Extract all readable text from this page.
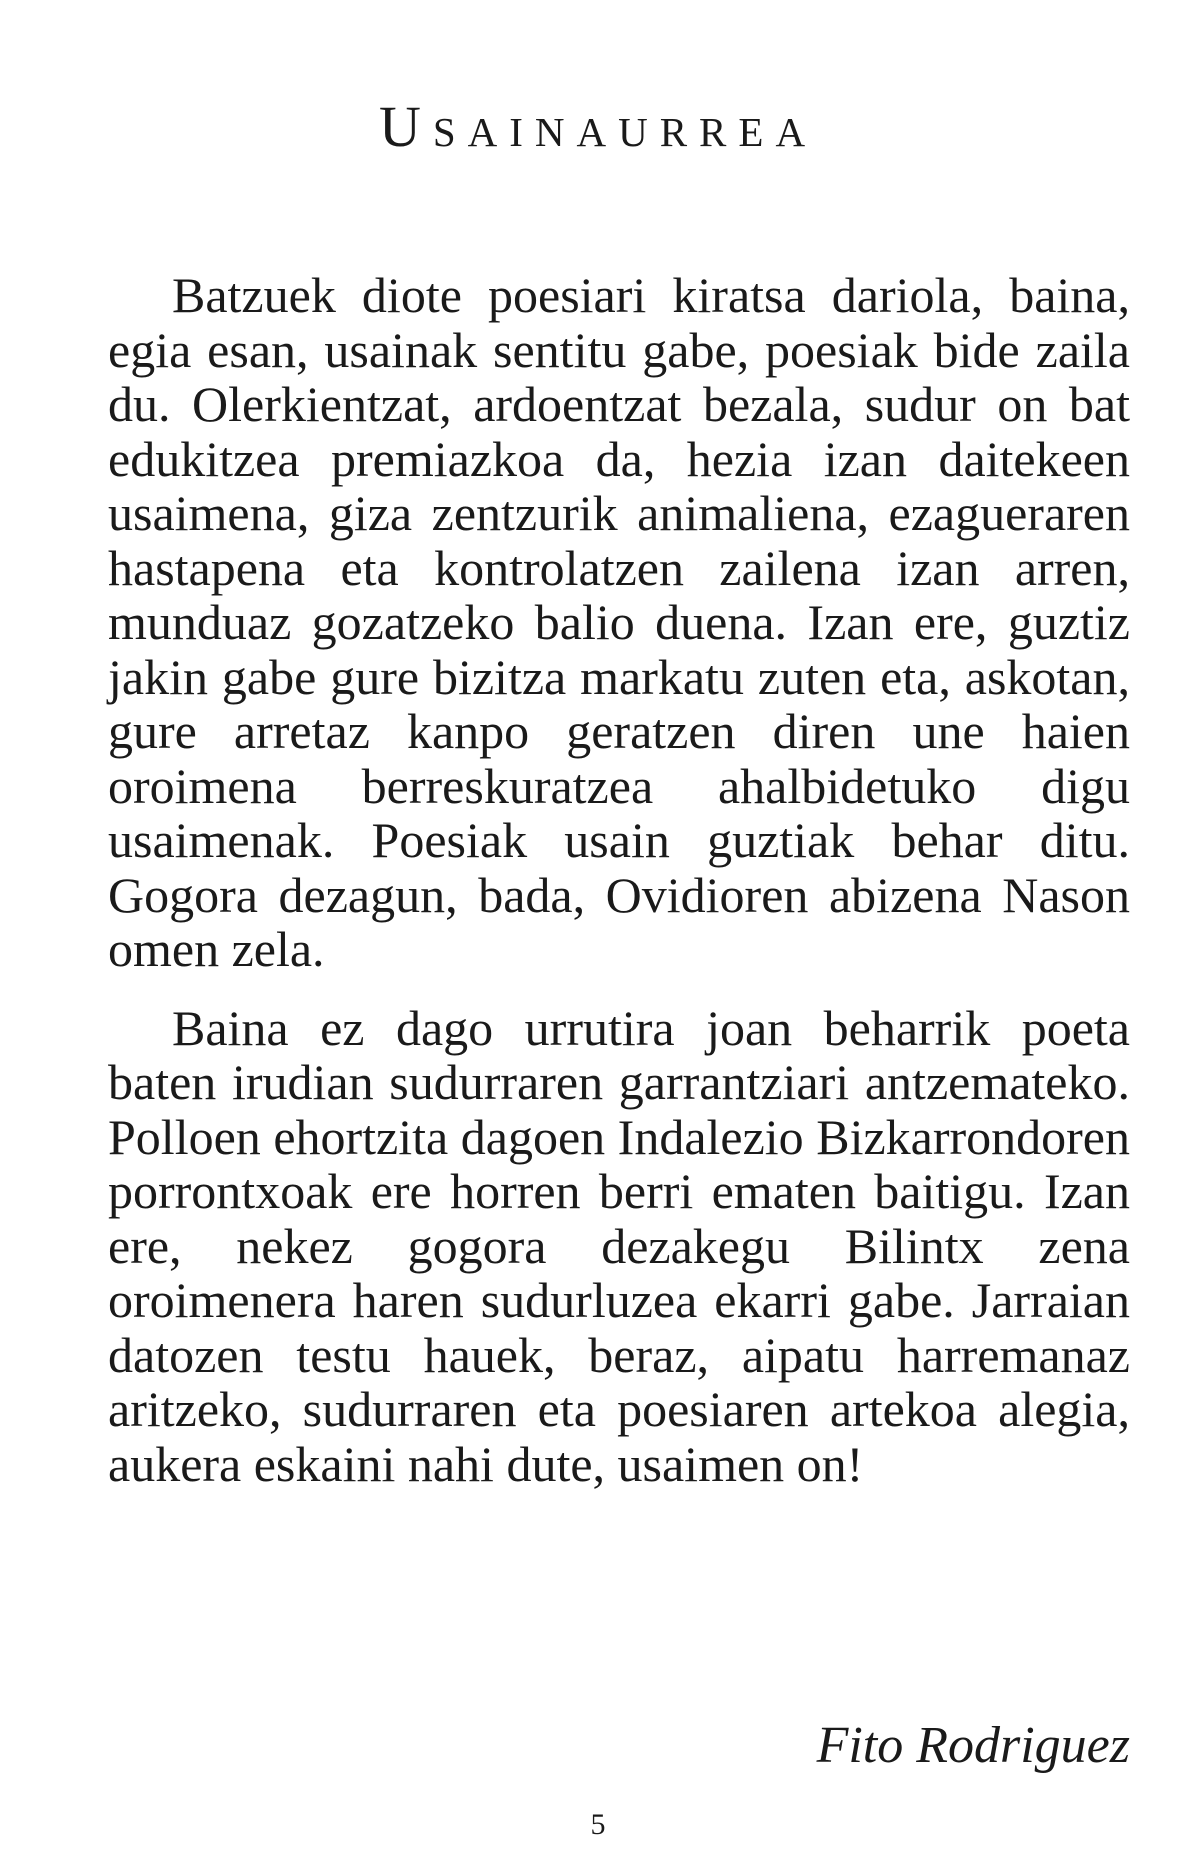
Usainaurrea

Batzuek diote poesiari kiratsa dariola, baina, egia esan, usainak sentitu gabe, poesiak bide zaila du. Olerkientzat, ardoentzat bezala, sudur on bat edukitzea premiazkoa da, hezia izan daitekeen usaimena, giza zentzurik animaliena, ezagueraren hastapena eta kontrolatzen zailena izan arren, munduaz gozatzeko balio duena. Izan ere, guztiz jakin gabe gure bizitza markatu zuten eta, askotan, gure arretaz kanpo geratzen diren une haien oroimena berreskuratzea ahalbidetuko digu usaimenak. Poesiak usain guztiak behar ditu. Gogora dezagun, bada, Ovidioren abizena Nason omen zela.

Baina ez dago urrutira joan beharrik poeta baten irudian sudurraren garrantziari antzemateko. Polloen ehortzita dagoen Indalezio Bizkarrondoren porrontxoak ere horren berri ematen baitigu. Izan ere, nekez gogora dezakegu Bilintx zena oroimenera haren sudurluzea ekarri gabe. Jarraian datozen testu hauek, beraz, aipatu harremanaz aritzeko, sudurraren eta poesiaren artekoa alegia, aukera eskaini nahi dute, usaimen on!

Fito Rodriguez
5
